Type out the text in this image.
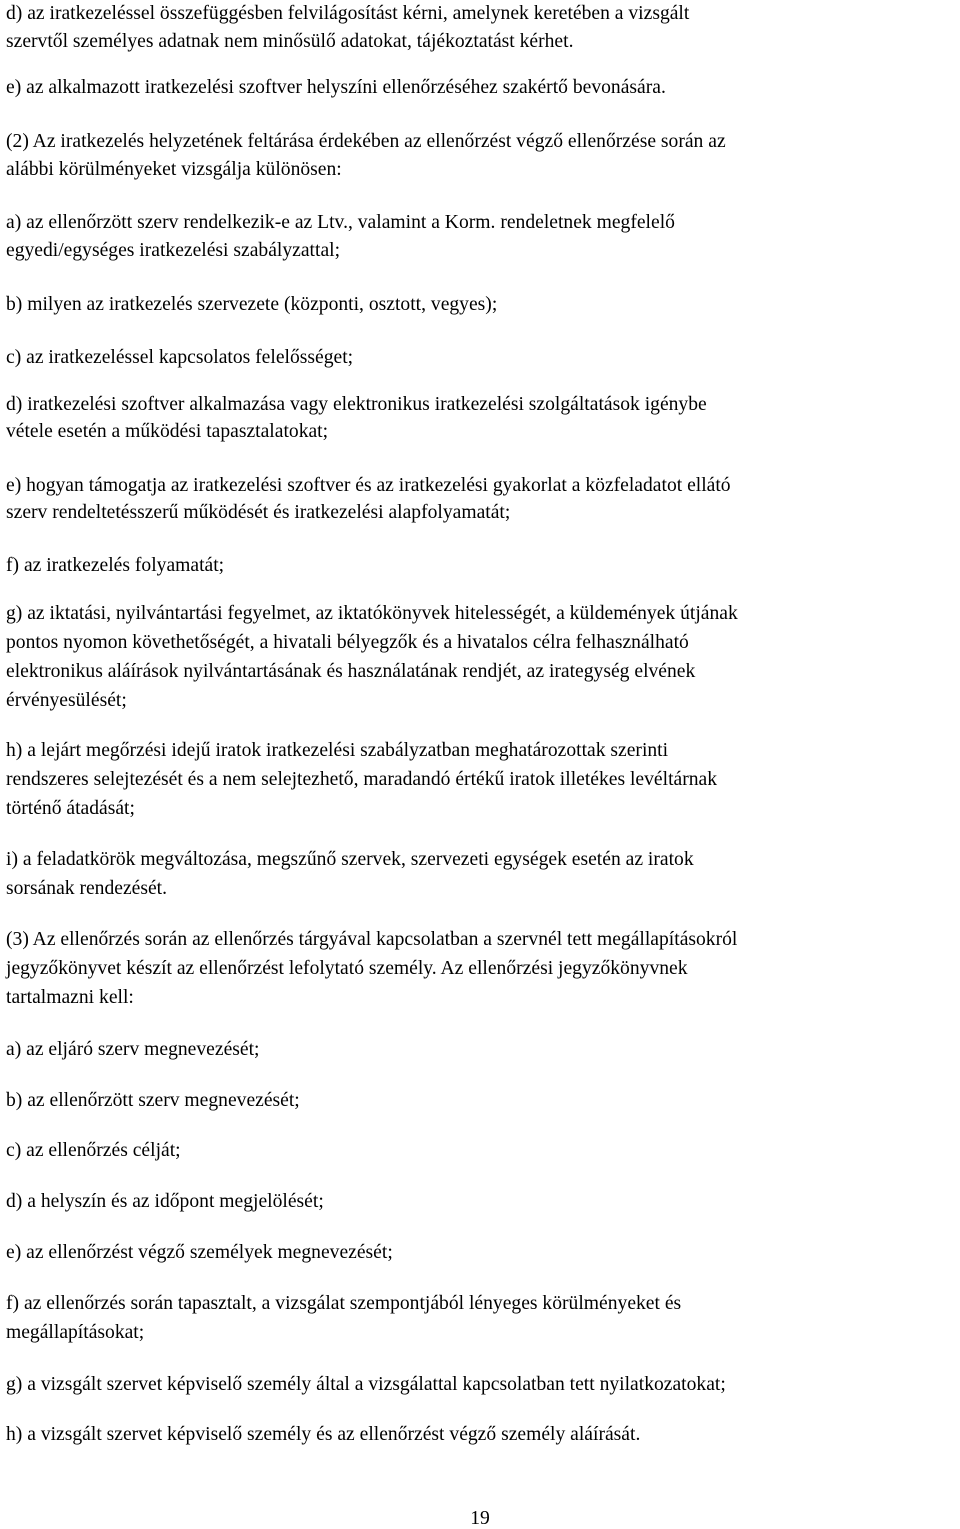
d) az iratkezeléssel összefüggésben felvilágosítást kérni, amelynek keretében a vizsgált
szervtől személyes adatnak nem minősülő adatokat, tájékoztatást kérhet.
e) az alkalmazott iratkezelési szoftver helyszíni ellenőrzéséhez szakértő bevonására.
(2) Az iratkezelés helyzetének feltárása érdekében az ellenőrzést végző ellenőrzése során az
alábbi körülményeket vizsgálja különösen:
a) az ellenőrzött szerv rendelkezik-e az Ltv., valamint a Korm. rendeletnek megfelelő
egyedi/egységes iratkezelési szabályzattal;
b) milyen az iratkezelés szervezete (központi, osztott, vegyes);
c) az iratkezeléssel kapcsolatos felelősséget;
d) iratkezelési szoftver alkalmazása vagy elektronikus iratkezelési szolgáltatások igénybe
vétele esetén a működési tapasztalatokat;
e) hogyan támogatja az iratkezelési szoftver és az iratkezelési gyakorlat a közfeladatot ellátó
szerv rendeltetésszerű működését és iratkezelési alapfolyamatát;
f) az iratkezelés folyamatát;
g) az iktatási, nyilvántartási fegyelmet, az iktatókönyvek hitelességét, a küldemények útjának
pontos nyomon követhetőségét, a hivatali bélyegzők és a hivatalos célra felhasználható
elektronikus aláírások nyilvántartásának és használatának rendjét, az irategység elvének
érvényesülését;
h) a lejárt megőrzési idejű iratok iratkezelési szabályzatban meghatározottak szerinti
rendszeres selejtezését és a nem selejtezhető, maradandó értékű iratok illetékes levéltárnak
történő átadását;
i) a feladatkörök megváltozása, megszűnő szervek, szervezeti egységek esetén az iratok
sorsának rendezését.
(3) Az ellenőrzés során az ellenőrzés tárgyával kapcsolatban a szervnél tett megállapításokról
jegyzőkönyvet készít az ellenőrzést lefolytató személy. Az ellenőrzési jegyzőkönyvnek
tartalmazni kell:
a) az eljáró szerv megnevezését;
b) az ellenőrzött szerv megnevezését;
c) az ellenőrzés célját;
d) a helyszín és az időpont megjelölését;
e) az ellenőrzést végző személyek megnevezését;
f) az ellenőrzés során tapasztalt, a vizsgálat szempontjából lényeges körülményeket és
megállapításokat;
g) a vizsgált szervet képviselő személy által a vizsgálattal kapcsolatban tett nyilatkozatokat;
h) a vizsgált szervet képviselő személy és az ellenőrzést végző személy aláírását.
19
